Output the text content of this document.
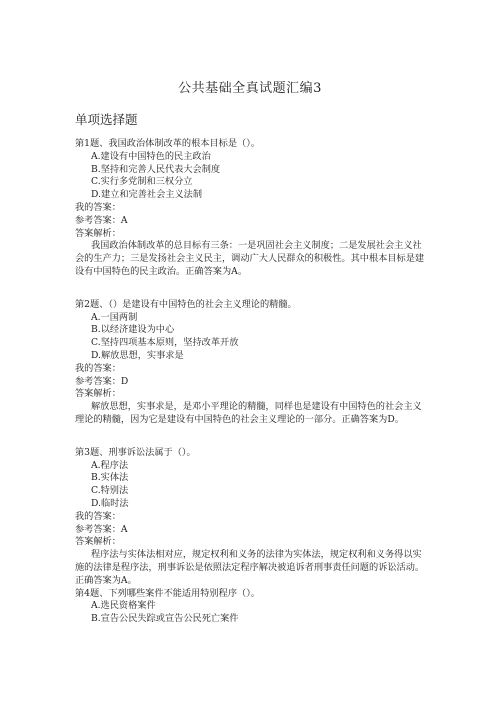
公共基础全真试题汇编3
单项选择题
第1题、我国政治体制改革的根本目标是（）。
A.建设有中国特色的民主政治
B.坚持和完善人民代表大会制度
C.实行多党制和三权分立
D.建立和完善社会主义法制
我的答案：
参考答案：A
答案解析：
我国政治体制改革的总目标有三条：一是巩固社会主义制度；二是发展社会主义社会的生产力；三是发扬社会主义民主，调动广大人民群众的积极性。其中根本目标是建设有中国特色的民主政治。正确答案为A。
第2题、（）是建设有中国特色的社会主义理论的精髓。
A.一国两制
B.以经济建设为中心
C.坚持四项基本原则，坚持改革开放
D.解放思想，实事求是
我的答案：
参考答案：D
答案解析：
解放思想，实事求是，是邓小平理论的精髓，同样也是建设有中国特色的社会主义理论的精髓，因为它是建设有中国特色的社会主义理论的一部分。正确答案为D。
第3题、刑事诉讼法属于（）。
A.程序法
B.实体法
C.特别法
D.临时法
我的答案：
参考答案：A
答案解析：
程序法与实体法相对应，规定权利和义务的法律为实体法，规定权利和义务得以实施的法律是程序法，刑事诉讼是依照法定程序解决被追诉者刑事责任问题的诉讼活动。正确答案为A。
第4题、下列哪些案件不能适用特别程序（）。
A.选民资格案件
B.宣告公民失踪或宣告公民死亡案件
